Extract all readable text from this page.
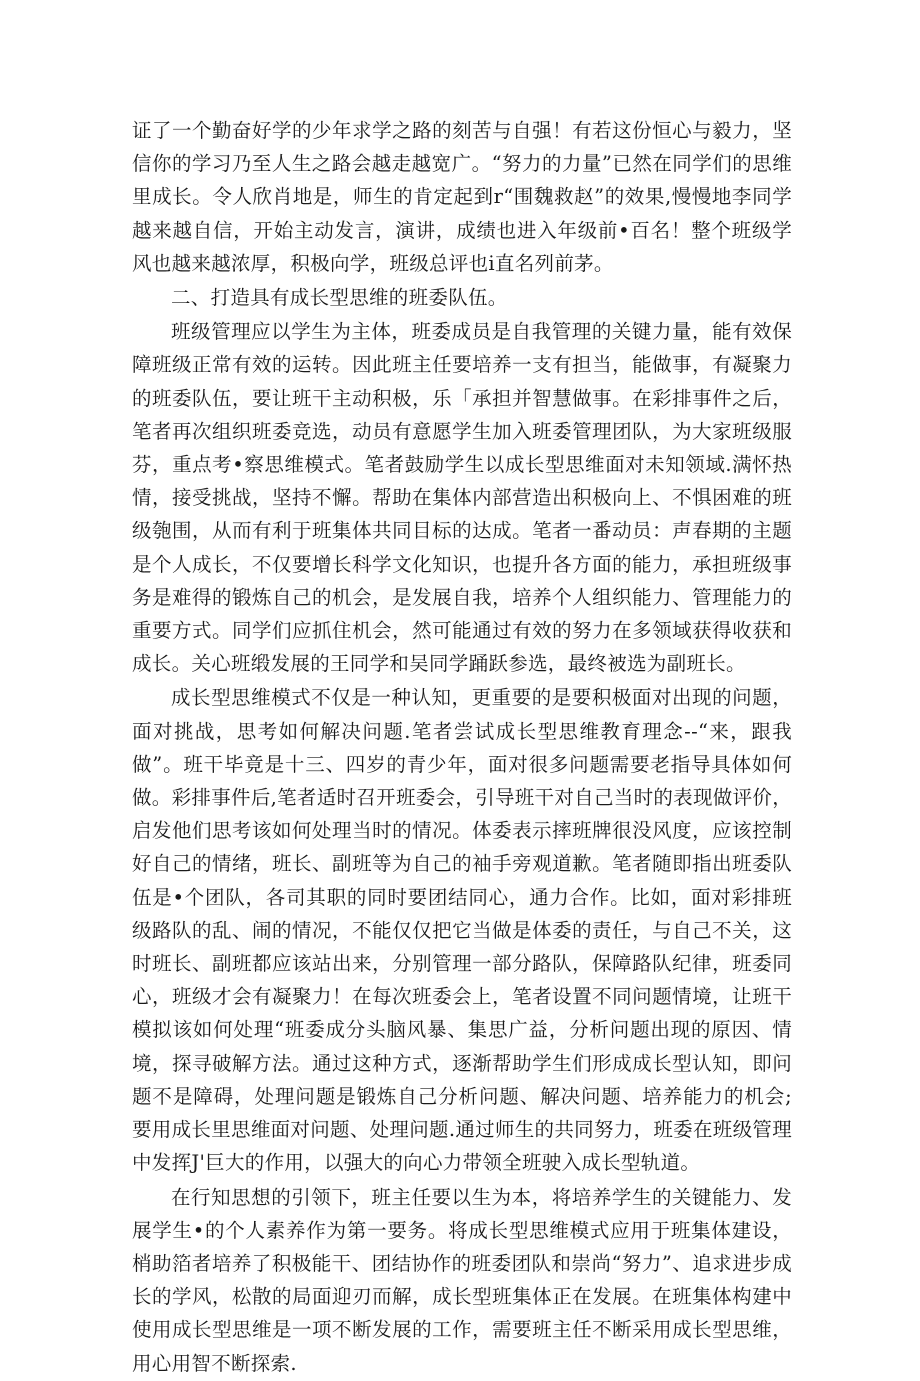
证了一个勤奋好学的少年求学之路的刻苦与自强！有若这份恒心与毅力，坚信你的学习乃至人生之路会越走越宽广。“努力的力量”已然在同学们的思维里成长。令人欣肖地是，师生的肯定起到r“围魏救赵”的效果,慢慢地李同学越来越自信，开始主动发言，演讲，成绩也进入年级前•百名！整个班级学风也越来越浓厚，积极向学，班级总评也i直名列前茅。

二、打造具有成长型思维的班委队伍。

班级管理应以学生为主体，班委成员是自我管理的关键力量，能有效保障班级正常有效的运转。因此班主任要培养一支有担当，能做事，有凝聚力的班委队伍，要让班干主动积极，乐「承担并智慧做事。在彩排事件之后，笔者再次组织班委竞选，动员有意愿学生加入班委管理团队，为大家班级服芬，重点考•察思维模式。笔者鼓励学生以成长型思维面对未知领域.满怀热情，接受挑战，坚持不懈。帮助在集体内部营造出积极向上、不惧困难的班级匏围，从而有利于班集体共同目标的达成。笔者一番动员：声春期的主题是个人成长，不仅要增长科学文化知识，也提升各方面的能力，承担班级事务是难得的锻炼自己的机会，是发展自我，培养个人组织能力、管理能力的重要方式。同学们应抓住机会，然可能通过有效的努力在多领域获得收获和成长。关心班缎发展的王同学和吴同学踊跃参选，最终被选为副班长。

成长型思维模式不仅是一种认知，更重要的是要积极面对出现的问题，面对挑战，思考如何解决问题.笔者尝试成长型思维教育理念--“来，跟我做”。班干毕竟是十三、四岁的青少年，面对很多问题需要老指导具体如何做。彩排事件后,笔者适时召开班委会，引导班干对自己当时的表现做评价，启发他们思考该如何处理当时的情况。体委表示摔班牌很没风度，应该控制好自己的情绪，班长、副班等为自己的袖手旁观道歉。笔者随即指出班委队伍是•个团队，各司其职的同时要团结同心，通力合作。比如，面对彩排班级路队的乱、闹的情况，不能仅仅把它当做是体委的责任，与自己不关，这时班长、副班都应该站出来，分别管理一部分路队，保障路队纪律，班委同心，班级才会有凝聚力！在每次班委会上，笔者设置不同问题情境，让班干模拟该如何处理“班委成分头脑风暴、集思广益，分析问题出现的原因、情境，探寻破解方法。通过这种方式，逐渐帮助学生们形成成长型认知，即问题不是障碍，处理问题是锻炼自己分析问题、解决问题、培养能力的机会;要用成长里思维面对问题、处理问题.通过师生的共同努力，班委在班级管理中发挥J'巨大的作用，以强大的向心力带领全班驶入成长型轨道。

在行知思想的引领下，班主任要以生为本，将培养学生的关键能力、发展学生•的个人素养作为第一要务。将成长型思维模式应用于班集体建设，梢助箔者培养了积极能干、团结协作的班委团队和崇尚“努力”、追求进步成长的学风，松散的局面迎刃而解，成长型班集体正在发展。在班集体构建中使用成长型思维是一项不断发展的工作，需要班主任不断采用成长型思维，用心用智不断探索.
